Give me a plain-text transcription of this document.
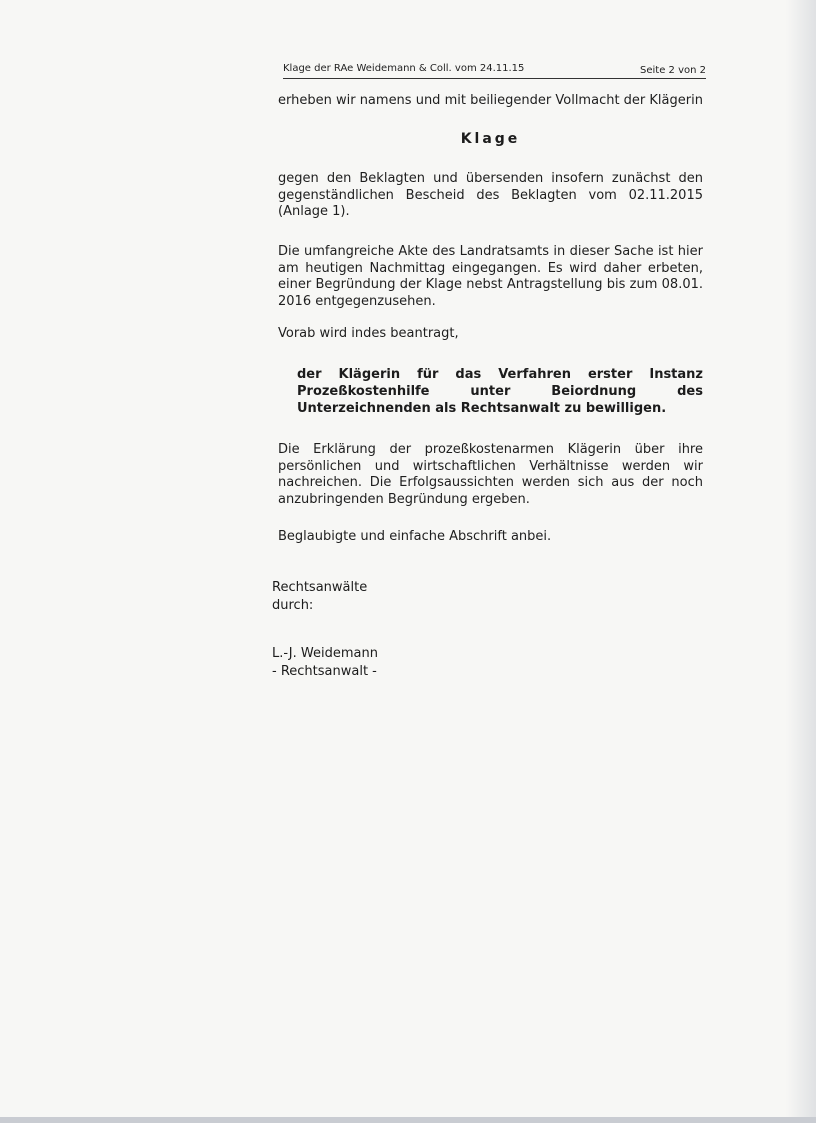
Klage der RAe Weidemann & Coll. vom 24.11.15	Seite 2 von 2

erheben wir namens und mit beiliegender Vollmacht der Klägerin

Klage

gegen den Beklagten und übersenden insofern zunächst den gegenständlichen Bescheid des Beklagten vom 02.11.2015 (Anlage 1).

Die umfangreiche Akte des Landratsamts in dieser Sache ist hier am heutigen Nachmittag eingegangen. Es wird daher erbeten, einer Begründung der Klage nebst Antragstellung bis zum 08.01. 2016 entgegenzusehen.

Vorab wird indes beantragt,

der Klägerin für das Verfahren erster Instanz Prozeßkostenhilfe unter Beiordnung des Unterzeichnenden als Rechtsanwalt zu bewilligen.

Die Erklärung der prozeßkostenarmen Klägerin über ihre persönlichen und wirtschaftlichen Verhältnisse werden wir nachreichen. Die Erfolgsaussichten werden sich aus der noch anzubringenden Begründung ergeben.

Beglaubigte und einfache Abschrift anbei.

Rechtsanwälte
durch:
L.-J. Weidemann
- Rechtsanwalt -
